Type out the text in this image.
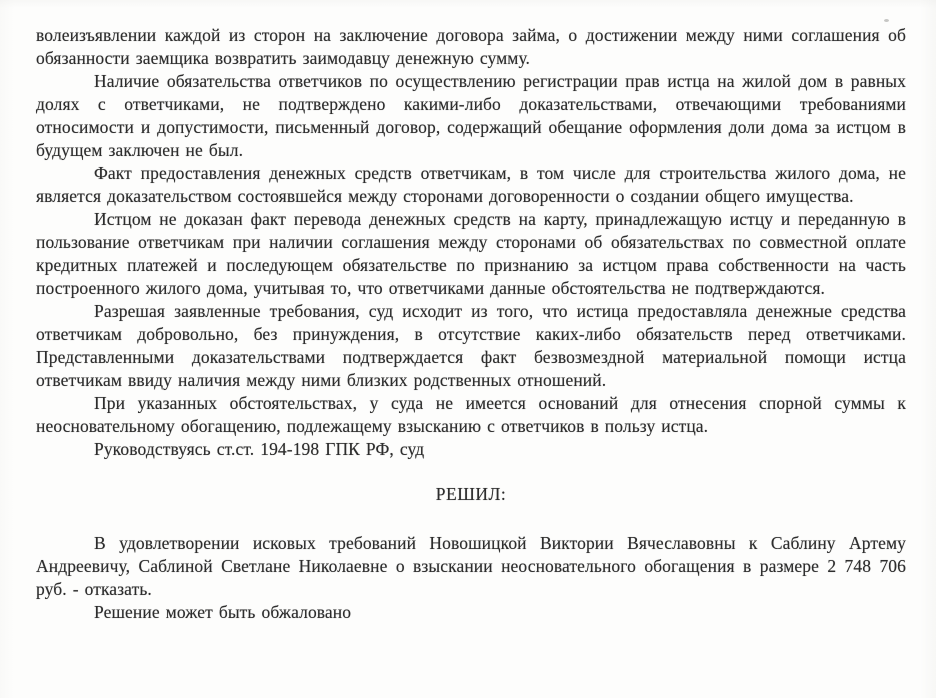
волеизъявлении каждой из сторон на заключение договора займа, о достижении между ними соглашения об обязанности заемщика возвратить заимодавцу денежную сумму.

Наличие обязательства ответчиков по осуществлению регистрации прав истца на жилой дом в равных долях с ответчиками, не подтверждено какими-либо доказательствами, отвечающими требованиями относимости и допустимости, письменный договор, содержащий обещание оформления доли дома за истцом в будущем заключен не был.

Факт предоставления денежных средств ответчикам, в том числе для строительства жилого дома, не является доказательством состоявшейся между сторонами договоренности о создании общего имущества.

Истцом не доказан факт перевода денежных средств на карту, принадлежащую истцу и переданную в пользование ответчикам при наличии соглашения между сторонами об обязательствах по совместной оплате кредитных платежей и последующем обязательстве по признанию за истцом права собственности на часть построенного жилого дома, учитывая то, что ответчиками данные обстоятельства не подтверждаются.

Разрешая заявленные требования, суд исходит из того, что истица предоставляла денежные средства ответчикам добровольно, без принуждения, в отсутствие каких-либо обязательств перед ответчиками. Представленными доказательствами подтверждается факт безвозмездной материальной помощи истца ответчикам ввиду наличия между ними близких родственных отношений.

При указанных обстоятельствах, у суда не имеется оснований для отнесения спорной суммы к неосновательному обогащению, подлежащему взысканию с ответчиков в пользу истца.

Руководствуясь ст.ст. 194-198 ГПК РФ, суд

РЕШИЛ:

В удовлетворении исковых требований Новошицкой Виктории Вячеславовны к Саблину Артему Андреевичу, Саблиной Светлане Николаевне о взыскании неосновательного обогащения в размере 2 748 706 руб. - отказать.

Решение может быть обжаловано
